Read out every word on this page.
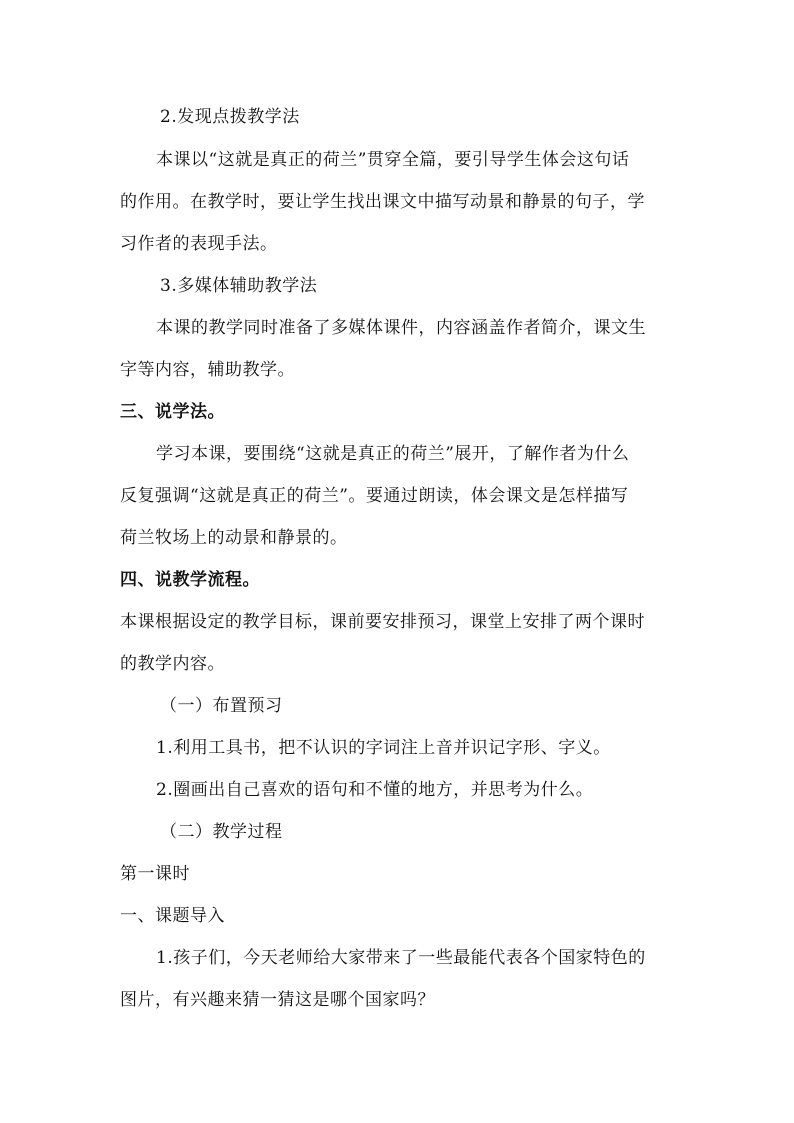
2.发现点拨教学法
本课以“这就是真正的荷兰”贯穿全篇，要引导学生体会这句话
的作用。在教学时，要让学生找出课文中描写动景和静景的句子，学
习作者的表现手法。
3.多媒体辅助教学法
本课的教学同时准备了多媒体课件，内容涵盖作者简介，课文生
字等内容，辅助教学。
三、说学法。
学习本课，要围绕“这就是真正的荷兰”展开，了解作者为什么
反复强调“这就是真正的荷兰”。要通过朗读，体会课文是怎样描写
荷兰牧场上的动景和静景的。
四、说教学流程。
本课根据设定的教学目标，课前要安排预习，课堂上安排了两个课时
的教学内容。
（一）布置预习
1.利用工具书，把不认识的字词注上音并识记字形、字义。
2.圈画出自己喜欢的语句和不懂的地方，并思考为什么。
（二）教学过程
第一课时
一、课题导入
1.孩子们，今天老师给大家带来了一些最能代表各个国家特色的
图片，有兴趣来猜一猜这是哪个国家吗？
